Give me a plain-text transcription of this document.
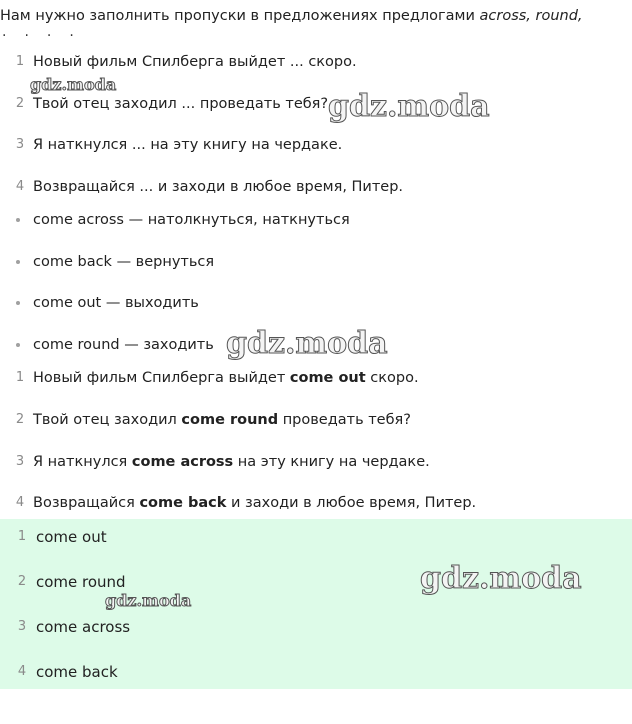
Нам нужно заполнить пропуски в предложениях предлогами across, round,
....
1 Новый фильм Спилберга выйдет ... скоро.
2 Твой отец заходил ... проведать тебя?
3 Я наткнулся ... на эту книгу на чердаке.
4 Возвращайся ... и заходи в любое время, Питер.
come across — натолкнуться, наткнуться
come back — вернуться
come out — выходить
come round — заходить
1 Новый фильм Спилберга выйдет come out скоро.
2 Твой отец заходил come round проведать тебя?
3 Я наткнулся come across на эту книгу на чердаке.
4 Возвращайся come back и заходи в любое время, Питер.
1 come out
2 come round
3 come across
4 come back
gdz.moda
gdz.moda
gdz.moda
gdz.moda
gdz.moda
